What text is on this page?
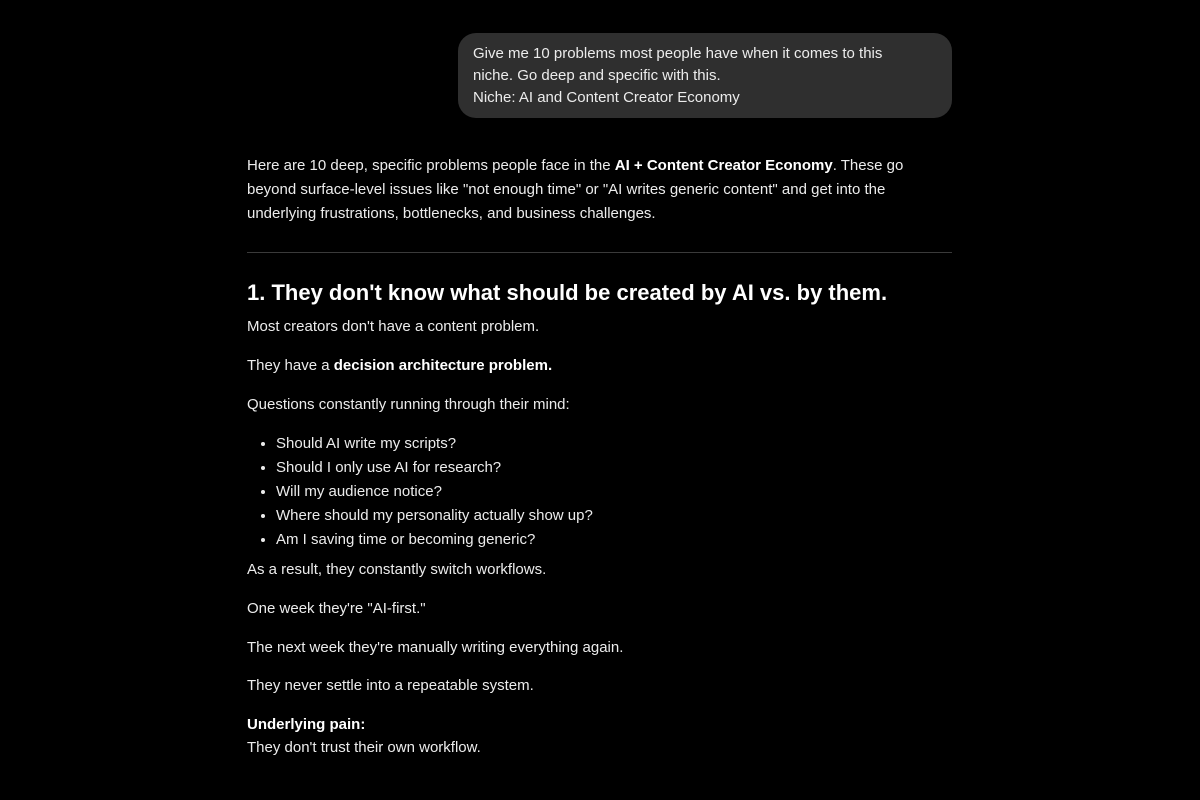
Give me 10 problems most people have when it comes to this
niche. Go deep and specific with this.
Niche: AI and Content Creator Economy

Here are 10 deep, specific problems people face in the AI + Content Creator Economy. These go beyond surface-level issues like "not enough time" or "AI writes generic content" and get into the underlying frustrations, bottlenecks, and business challenges.

1. They don't know what should be created by AI vs. by them.

Most creators don't have a content problem.

They have a decision architecture problem.

Questions constantly running through their mind:

• Should AI write my scripts?
• Should I only use AI for research?
• Will my audience notice?
• Where should my personality actually show up?
• Am I saving time or becoming generic?

As a result, they constantly switch workflows.

One week they're "AI-first."

The next week they're manually writing everything again.

They never settle into a repeatable system.

Underlying pain:

They don't trust their own workflow.
